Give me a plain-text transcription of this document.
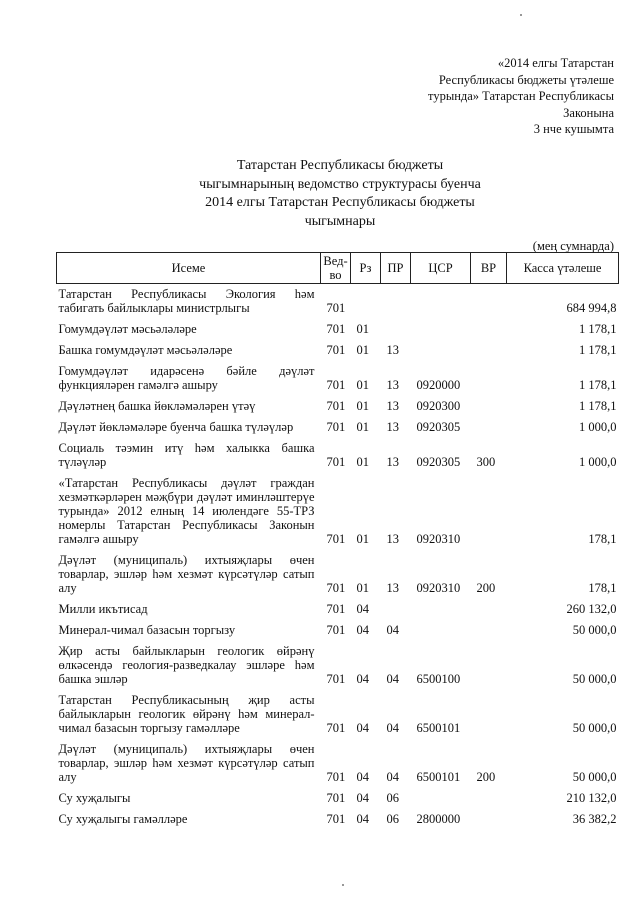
«2014 елгы Татарстан
Республикасы бюджеты үтәлеше
турында» Татарстан Республикасы
Законына
3 нче кушымта
Татарстан Республикасы бюджеты
чыгымнарының ведомство структурасы буенча
2014 елгы Татарстан Республикасы бюджеты
чыгымнары
(мең сумнарда)
Исеме	Вед-во	Рз	ПР	ЦСР	ВР	Касса үтәлеше
Татарстан Республикасы Экология һәм табигать байлыклары министрлыгы	701					684 994,8
Гомумдәүләт мәсьәләләре	701	01				1 178,1
Башка гомумдәүләт мәсьәләләре	701	01	13			1 178,1
Гомумдәүләт идарәсенә бәйле дәүләт функцияләрен гамәлгә ашыру	701	01	13	0920000		1 178,1
Дәүләтнең башка йөкләмәләрен үтәү	701	01	13	0920300		1 178,1
Дәүләт йөкләмәләре буенча башка түләүләр	701	01	13	0920305		1 000,0
Социаль тәэмин итү һәм халыкка башка түләүләр	701	01	13	0920305	300	1 000,0
«Татарстан Республикасы дәүләт граждан хезмәткәрләрен мәҗбүри дәүләт иминләштерүе турында» 2012 елның 14 июлендәге 55-ТРЗ номерлы Татарстан Республикасы Законын гамәлгә ашыру	701	01	13	0920310		178,1
Дәүләт (муниципаль) ихтыяҗлары өчен товарлар, эшләр һәм хезмәт күрсәтүләр сатып алу	701	01	13	0920310	200	178,1
Милли икътисад	701	04				260 132,0
Минерал-чимал базасын торгызу	701	04	04			50 000,0
Җир асты байлыкларын геологик өйрәнү өлкәсендә геология-разведкалау эшләре һәм башка эшләр	701	04	04	6500100		50 000,0
Татарстан Республикасының җир асты байлыкларын геологик өйрәнү һәм минерал-чимал базасын торгызу гамәлләре	701	04	04	6500101		50 000,0
Дәүләт (муниципаль) ихтыяҗлары өчен товарлар, эшләр һәм хезмәт күрсәтүләр сатып алу	701	04	04	6500101	200	50 000,0
Су хуҗалыгы	701	04	06			210 132,0
Су хуҗалыгы гамәлләре	701	04	06	2800000		36 382,2
